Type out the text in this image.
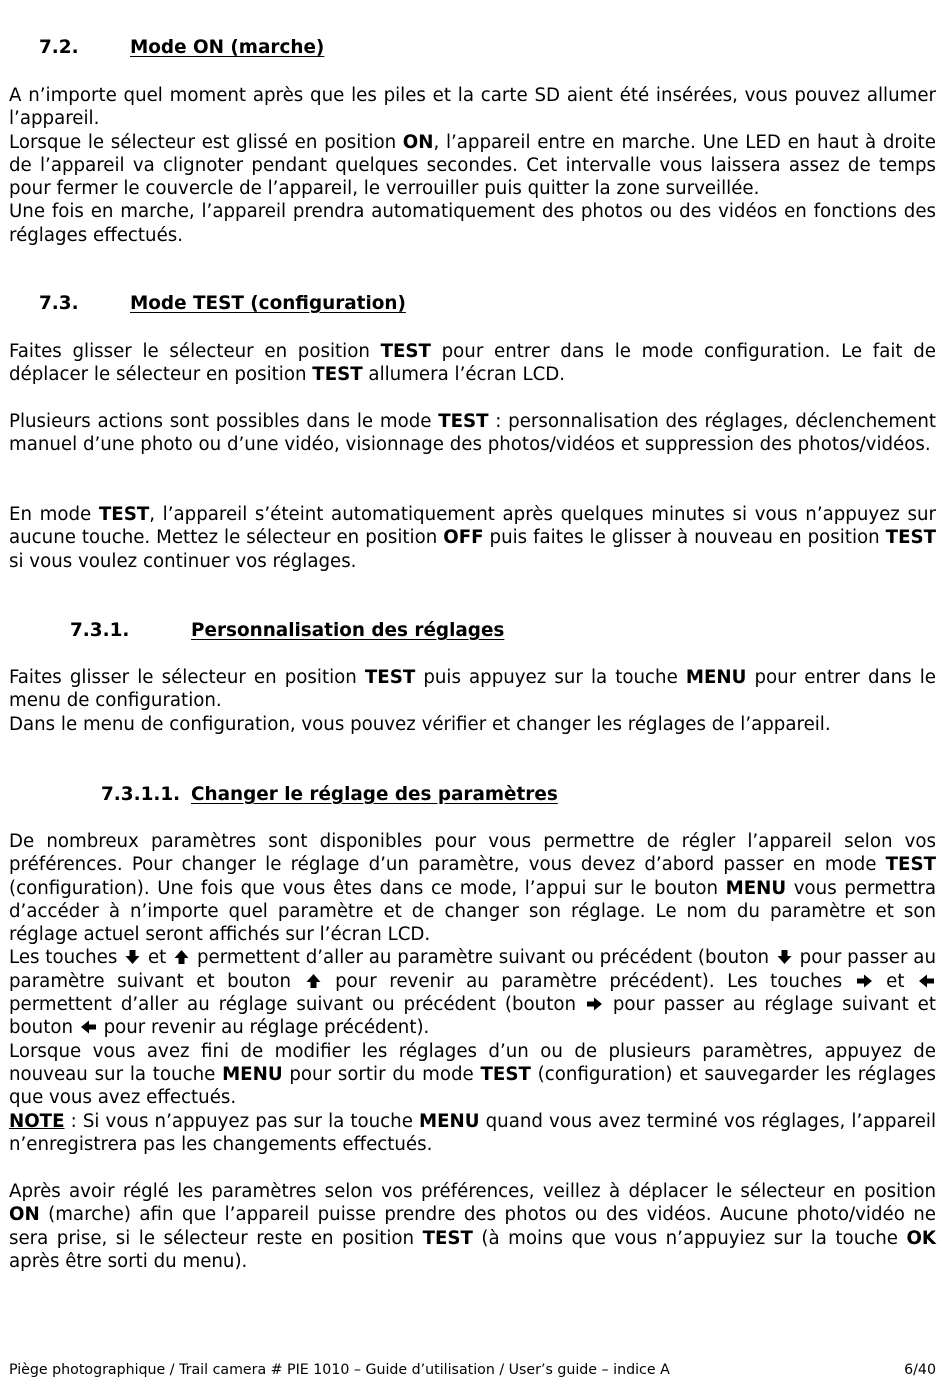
7.2.	Mode ON (marche)
A n’importe quel moment après que les piles et la carte SD aient été insérées, vous pouvez allumer l’appareil.
Lorsque le sélecteur est glissé en position ON, l’appareil entre en marche. Une LED en haut à droite de l’appareil va clignoter pendant quelques secondes. Cet intervalle vous laissera assez de temps pour fermer le couvercle de l’appareil, le verrouiller puis quitter la zone surveillée.
Une fois en marche, l’appareil prendra automatiquement des photos ou des vidéos en fonctions des réglages effectués.
7.3.	Mode TEST (configuration)
Faites glisser le sélecteur en position TEST pour entrer dans le mode configuration. Le fait de déplacer le sélecteur en position TEST allumera l’écran LCD.
Plusieurs actions sont possibles dans le mode TEST : personnalisation des réglages, déclenchement manuel d’une photo ou d’une vidéo, visionnage des photos/vidéos et suppression des photos/vidéos.
En mode TEST, l’appareil s’éteint automatiquement après quelques minutes si vous n’appuyez sur aucune touche. Mettez le sélecteur en position OFF puis faites le glisser à nouveau en position TEST si vous voulez continuer vos réglages.
7.3.1.	Personnalisation des réglages
Faites glisser le sélecteur en position TEST puis appuyez sur la touche MENU pour entrer dans le menu de configuration.
Dans le menu de configuration, vous pouvez vérifier et changer les réglages de l’appareil.
7.3.1.1. Changer le réglage des paramètres
De nombreux paramètres sont disponibles pour vous permettre de régler l’appareil selon vos préférences. Pour changer le réglage d’un paramètre, vous devez d’abord passer en mode TEST (configuration). Une fois que vous êtes dans ce mode, l’appui sur le bouton MENU vous permettra d’accéder à n’importe quel paramètre et de changer son réglage. Le nom du paramètre et son réglage actuel seront affichés sur l’écran LCD.
Les touches
et
permettent d’aller au paramètre suivant ou précédent (bouton
pour passer au paramètre suivant et bouton
pour revenir au paramètre précédent). Les touches
et
permettent d’aller au réglage suivant ou précédent (bouton
pour passer au réglage suivant et bouton
pour revenir au réglage précédent).
Lorsque vous avez fini de modifier les réglages d’un ou de plusieurs paramètres, appuyez de nouveau sur la touche MENU pour sortir du mode TEST (configuration) et sauvegarder les réglages que vous avez effectués.
NOTE : Si vous n’appuyez pas sur la touche MENU quand vous avez terminé vos réglages, l’appareil n’enregistrera pas les changements effectués.
Après avoir réglé les paramètres selon vos préférences, veillez à déplacer le sélecteur en position ON (marche) afin que l’appareil puisse prendre des photos ou des vidéos. Aucune photo/vidéo ne sera prise, si le sélecteur reste en position TEST (à moins que vous n’appuyiez sur la touche OK après être sorti du menu).
Piège photographique / Trail camera # PIE 1010 – Guide d’utilisation / User’s guide – indice A	6/40
